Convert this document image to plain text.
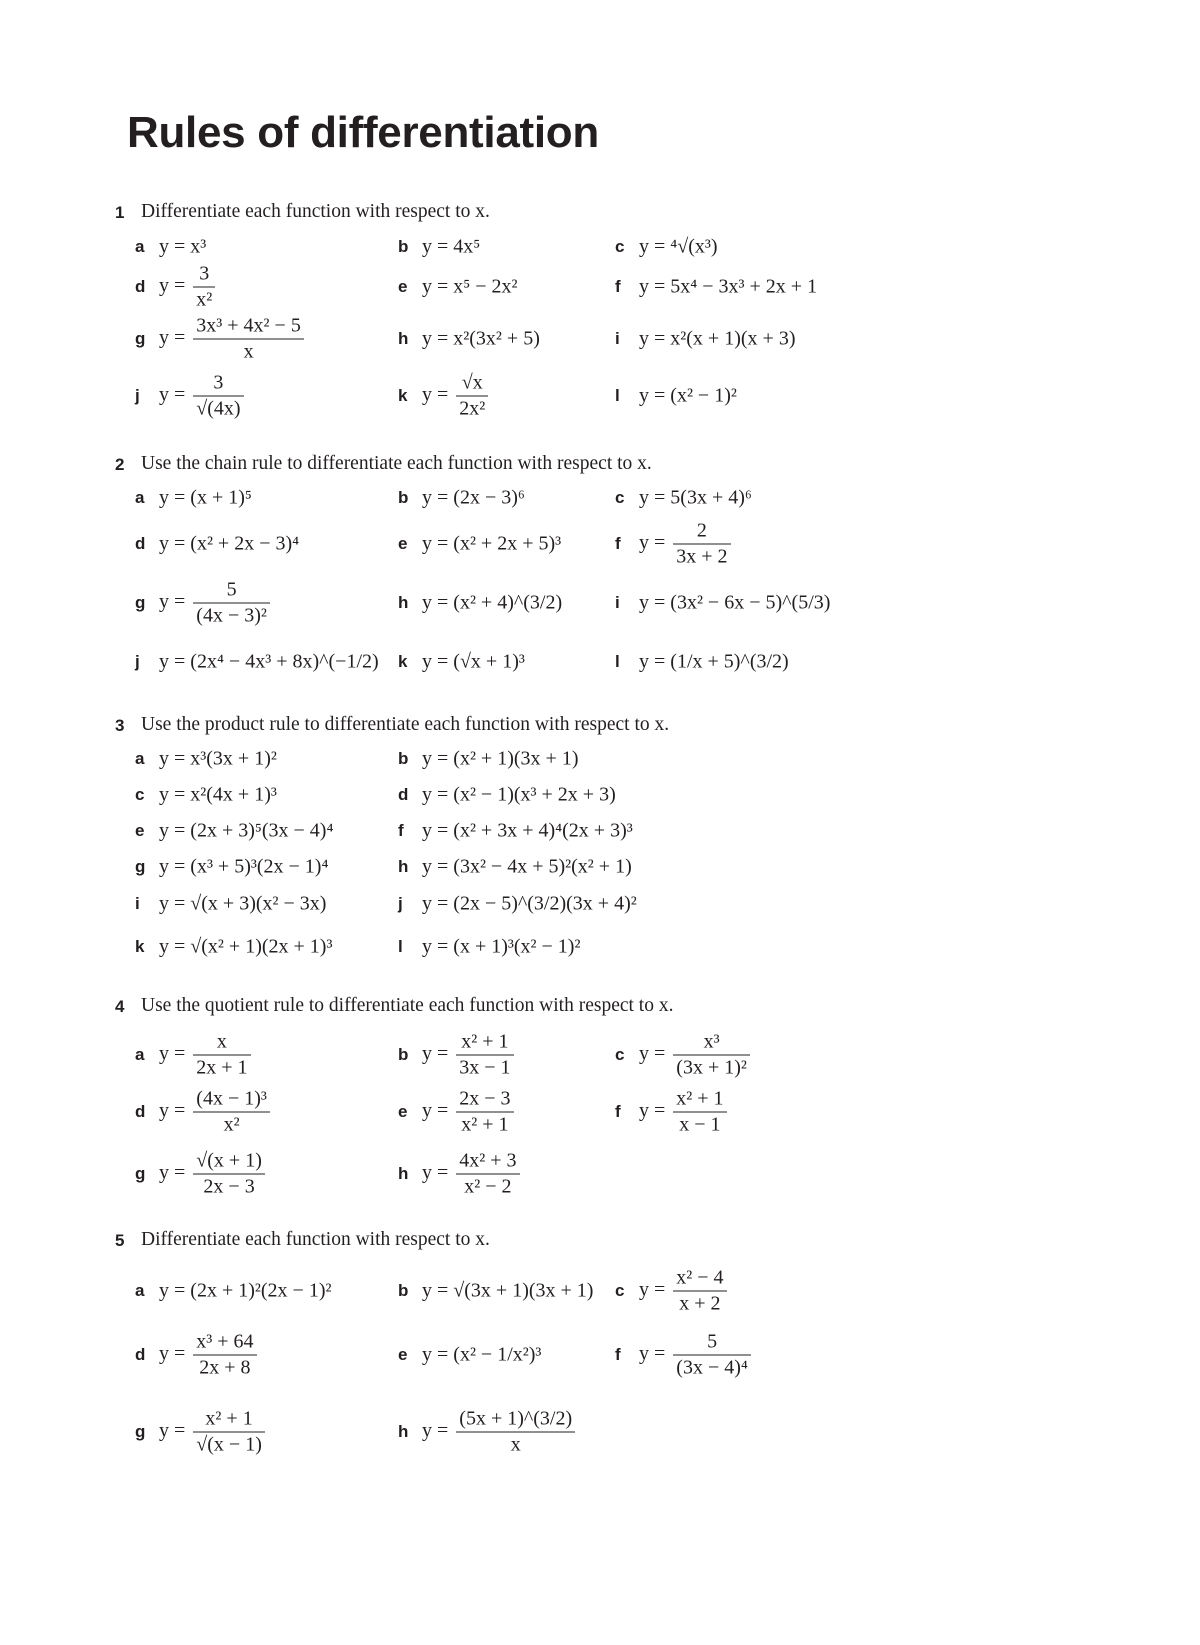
Rules of differentiation
1 Differentiate each function with respect to x.
a y = x³	b y = 4x⁵	c y = ⁴√(x³)
d $y = \frac{3}{\text{x²}}$	e y = x⁵ − 2x²	f y = 5x⁴ − 3x³ + 2x + 1
g $y = \frac{\text{3x³ + 4x² − 5}}{x}$	h y = x²(3x² + 5)	i y = x²(x + 1)(x + 3)
j $y = \frac{3}{√(4x)}$	k $y = \frac{√x}{\text{2x²}}$	l y = (x² − 1)²
2 Use the chain rule to differentiate each function with respect to x.
a y = (x + 1)⁵	b y = (2x − 3)⁶	c y = 5(3x + 4)⁶
d y = (x² + 2x − 3)⁴	e y = (x² + 2x + 5)³	f $y = \frac{2}{3x + 2}$
g $y = \frac{5}{\text{(4x − 3)²}}$	h y = (x² + 4)^(3/2)	i y = (3x² − 6x − 5)^(5/3)
j y = (2x⁴ − 4x³ + 8x)^(−1/2) k y = (√x + 1)³	l y = (1/x + 5)^(3/2)
3 Use the product rule to differentiate each function with respect to x.
a y = x³(3x + 1)²	b y = (x² + 1)(3x + 1)
c y = x²(4x + 1)³	d y = (x² − 1)(x³ + 2x + 3)
e y = (2x + 3)⁵(3x − 4)⁴	f y = (x² + 3x + 4)⁴(2x + 3)³
g y = (x³ + 5)³(2x − 1)⁴	h y = (3x² − 4x + 5)²(x² + 1)
i y = √(x + 3)(x² − 3x)	j y = (2x − 5)^(3/2)(3x + 4)²
k y = √(x² + 1)(2x + 1)³	l y = (x + 1)³(x² − 1)²
4 Use the quotient rule to differentiate each function with respect to x.
a $y = \frac{x}{2x + 1}$	b $y = \frac{\text{x² + 1}}{3x - 1}$	c $y = \frac{\text{x³}}{\text{(3x + 1)²}}$
d $y = \frac{\text{(4x − 1)³}}{\text{x²}}$	e $y = \frac{2x - 3}{\text{x² + 1}}$	f $y = \frac{\text{x² + 1}}{x - 1}$
g $y = \frac{√(x + 1)}{2x - 3}$	h $y = \frac{\text{4x² + 3}}{\text{x² − 2}}$
5 Differentiate each function with respect to x.
a y = (2x + 1)²(2x − 1)²	b y = √(3x + 1)(3x + 1) c $y = \frac{\text{x² − 4}}{x + 2}$
d $y = \frac{\text{x³ + 64}}{2x + 8}$	e y = (x² − 1/x²)³	f $y = \frac{5}{\text{(3x − 4)⁴}}$
g $y = \frac{\text{x² + 1}}{√(x - 1)}$	h $y = \frac{(5x + 1)\^{}(3/2)}{x}$
